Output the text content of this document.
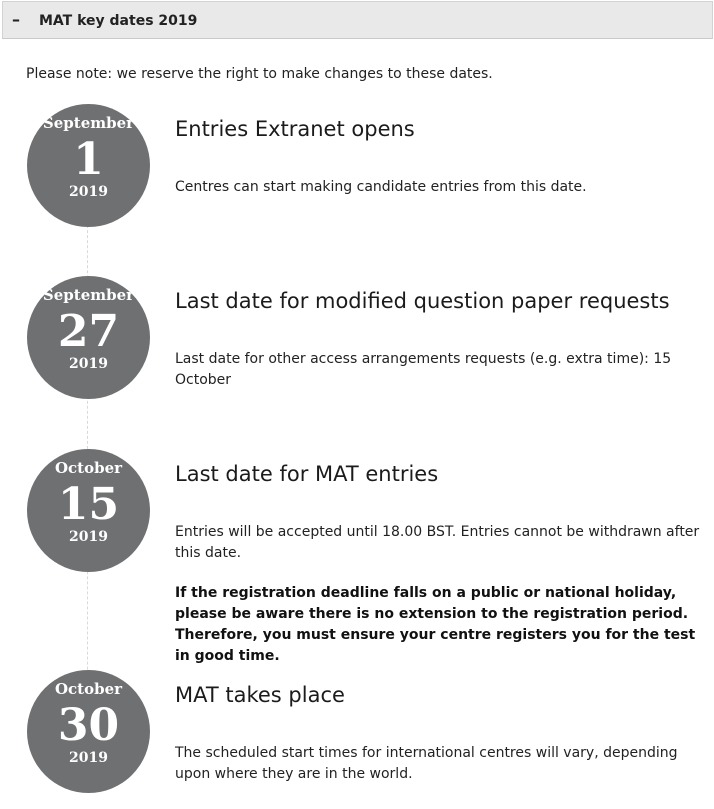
– MAT key dates 2019
Please note: we reserve the right to make changes to these dates.
September
1
2019
Entries Extranet opens
Centres can start making candidate entries from this date.
September
27
2019
Last date for modified question paper requests
Last date for other access arrangements requests (e.g. extra time): 15 October
October
15
2019
Last date for MAT entries
Entries will be accepted until 18.00 BST. Entries cannot be withdrawn after this date.
If the registration deadline falls on a public or national holiday, please be aware there is no extension to the registration period. Therefore, you must ensure your centre registers you for the test in good time.
October
30
2019
MAT takes place
The scheduled start times for international centres will vary, depending upon where they are in the world.
